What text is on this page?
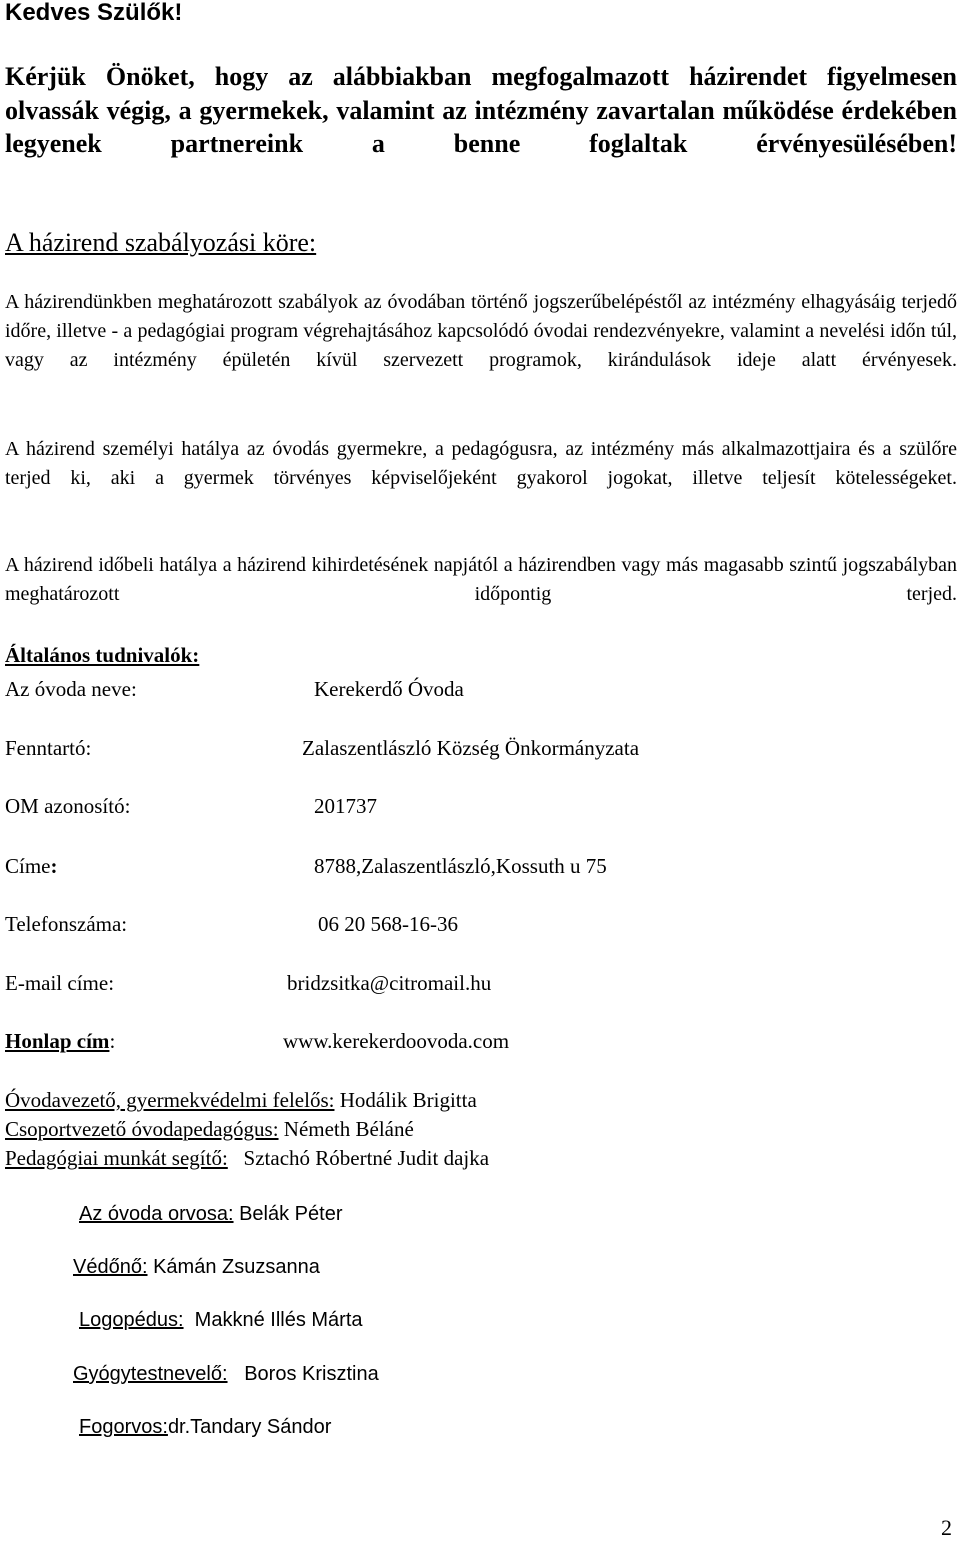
Kedves Szülők!
Kérjük Önöket, hogy az alábbiakban megfogalmazott házirendet figyelmesen olvassák végig, a gyermekek, valamint az intézmény zavartalan működése érdekében legyenek partnereink a benne foglaltak érvényesülésében!
A házirend szabályozási köre:
A házirendünkben meghatározott szabályok az óvodában történő jogszerűbelépéstől az intézmény elhagyásáig terjedő időre, illetve - a pedagógiai program végrehajtásához kapcsolódó óvodai rendezvényekre, valamint a nevelési időn túl, vagy az intézmény épületén kívül szervezett programok, kirándulások ideje alatt érvényesek.
A házirend személyi hatálya az óvodás gyermekre, a pedagógusra, az intézmény más alkalmazottjaira és a szülőre terjed ki, aki a gyermek törvényes képviselőjeként gyakorol jogokat, illetve teljesít kötelességeket.
A házirend időbeli hatálya a házirend kihirdetésének napjától a házirendben vagy más magasabb szintű jogszabályban meghatározott időpontig terjed.
Általános tudnivalók:
Az óvoda neve:	Kerekerdő Óvoda
Fenntartó:	Zalaszentlászló Község Önkormányzata
OM azonosító:	201737
Címe:	8788,Zalaszentlászló,Kossuth u 75
Telefonszáma:	06 20 568-16-36
E-mail címe:	bridzsitka@citromail.hu
Honlap cím:	www.kerekerdoovoda.com
Óvodavezető, gyermekvédelmi felelős: Hodálik Brigitta
Csoportvezető óvodapedagógus: Németh Béláné
Pedagógiai munkát segítő: Sztachó Róbertné Judit dajka
Az óvoda orvosa: Belák Péter
Védőnő: Kámán Zsuzsanna
Logopédus: Makkné Illés Márta
Gyógytestnevelő: Boros Krisztina
Fogorvos:dr.Tandary Sándor
2
